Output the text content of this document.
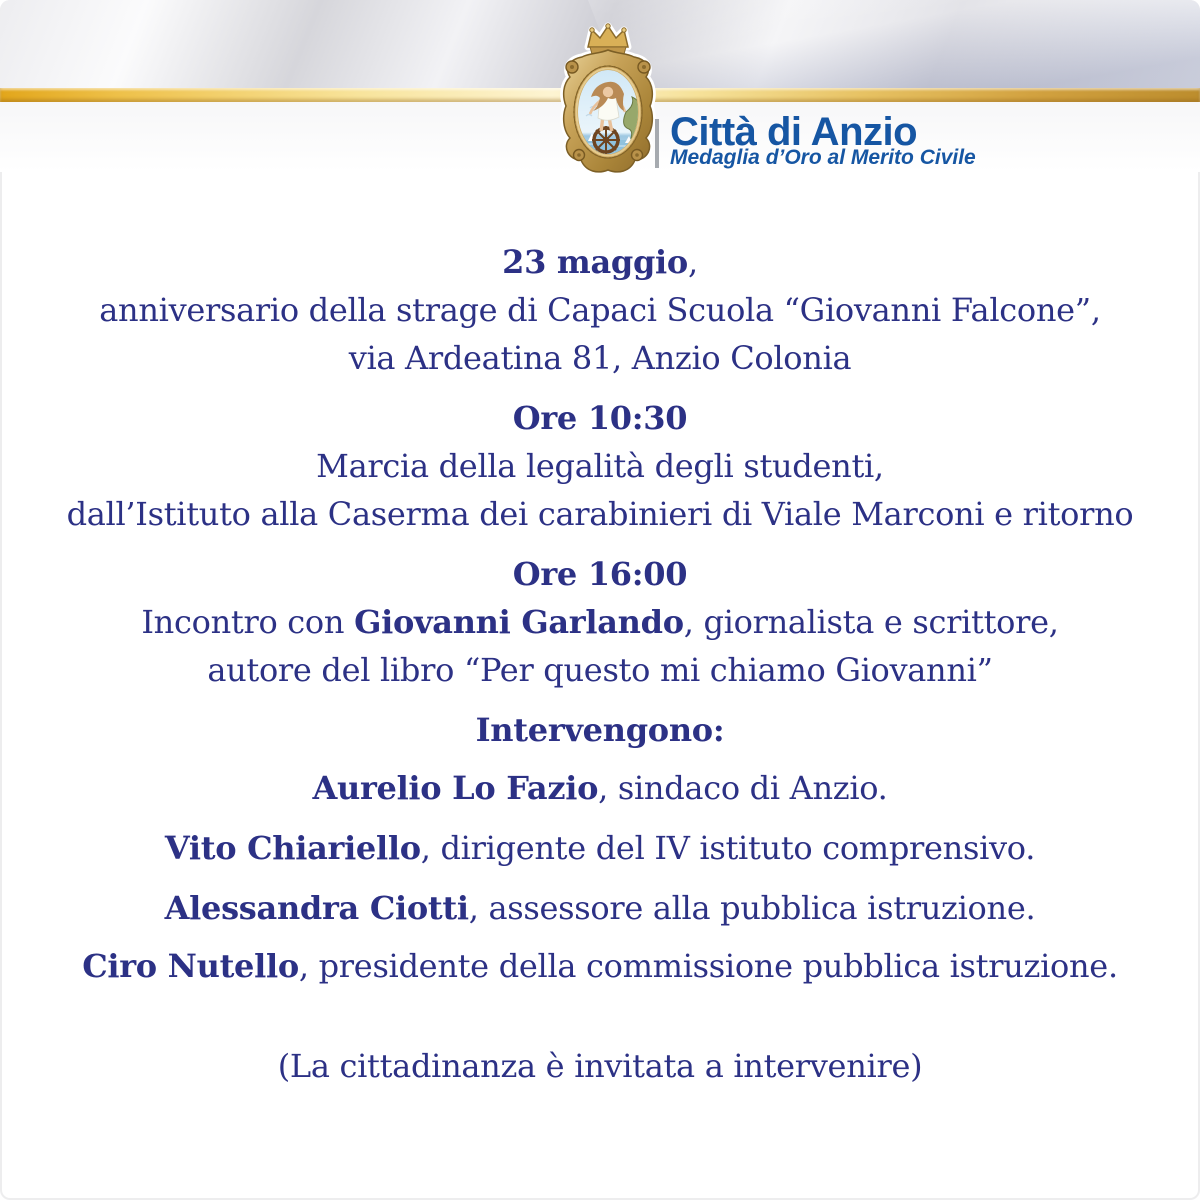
Città di Anzio
Medaglia d’Oro al Merito Civile
23 maggio,
anniversario della strage di Capaci Scuola “Giovanni Falcone”,
via Ardeatina 81, Anzio Colonia
Ore 10:30
Marcia della legalità degli studenti,
dall’Istituto alla Caserma dei carabinieri di Viale Marconi e ritorno
Ore 16:00
Incontro con Giovanni Garlando, giornalista e scrittore,
autore del libro “Per questo mi chiamo Giovanni”
Intervengono:
Aurelio Lo Fazio, sindaco di Anzio.
Vito Chiariello, dirigente del IV istituto comprensivo.
Alessandra Ciotti, assessore alla pubblica istruzione.
Ciro Nutello, presidente della commissione pubblica istruzione.
(La cittadinanza è invitata a intervenire)
